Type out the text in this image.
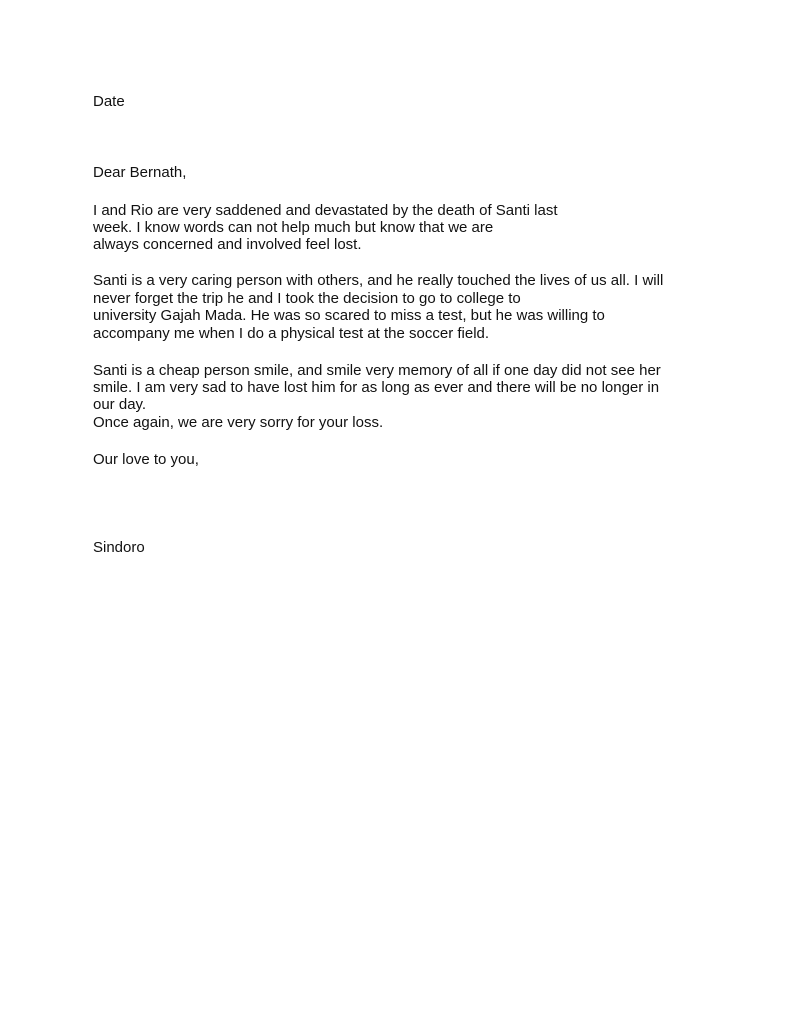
Date
Dear Bernath,
I and Rio are very saddened and devastated by the death of Santi last
week. I know words can not help much but know that we are
always concerned and involved feel lost.
Santi is a very caring person with others, and he really touched the lives of us all. I will
never forget the trip he and I took the decision to go to college to
university Gajah Mada. He was so scared to miss a test, but he was willing to
accompany me when I do a physical test at the soccer field.
Santi is a cheap person smile, and smile very memory of all if one day did not see her
smile. I am very sad to have lost him for as long as ever and there will be no longer in
our day.
Once again, we are very sorry for your loss.
Our love to you,
Sindoro
